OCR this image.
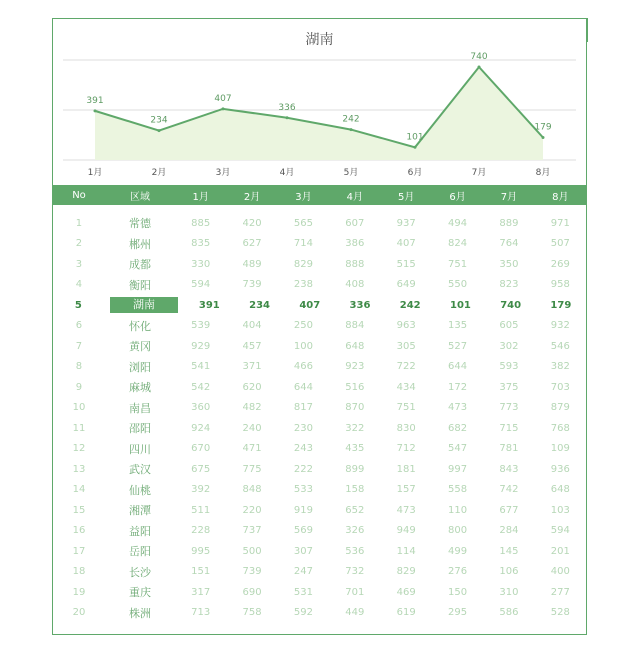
湖南
391
234
407
336
242
101
740
179
1月	2月	3月	4月	5月	6月	7月	8月
No	区域	1月	2月	3月	4月	5月	6月	7月	8月
1	常德	885	420	565	607	937	494	889	971
2	郴州	835	627	714	386	407	824	764	507
3	成都	330	489	829	888	515	751	350	269
4	衡阳	594	739	238	408	649	550	823	958
5	湖南	391	234	407	336	242	101	740	179
6	怀化	539	404	250	884	963	135	605	932
7	黄冈	929	457	100	648	305	527	302	546
8	浏阳	541	371	466	923	722	644	593	382
9	麻城	542	620	644	516	434	172	375	703
10	南昌	360	482	817	870	751	473	773	879
11	邵阳	924	240	230	322	830	682	715	768
12	四川	670	471	243	435	712	547	781	109
13	武汉	675	775	222	899	181	997	843	936
14	仙桃	392	848	533	158	157	558	742	648
15	湘潭	511	220	919	652	473	110	677	103
16	益阳	228	737	569	326	949	800	284	594
17	岳阳	995	500	307	536	114	499	145	201
18	长沙	151	739	247	732	829	276	106	400
19	重庆	317	690	531	701	469	150	310	277
20	株洲	713	758	592	449	619	295	586	528
